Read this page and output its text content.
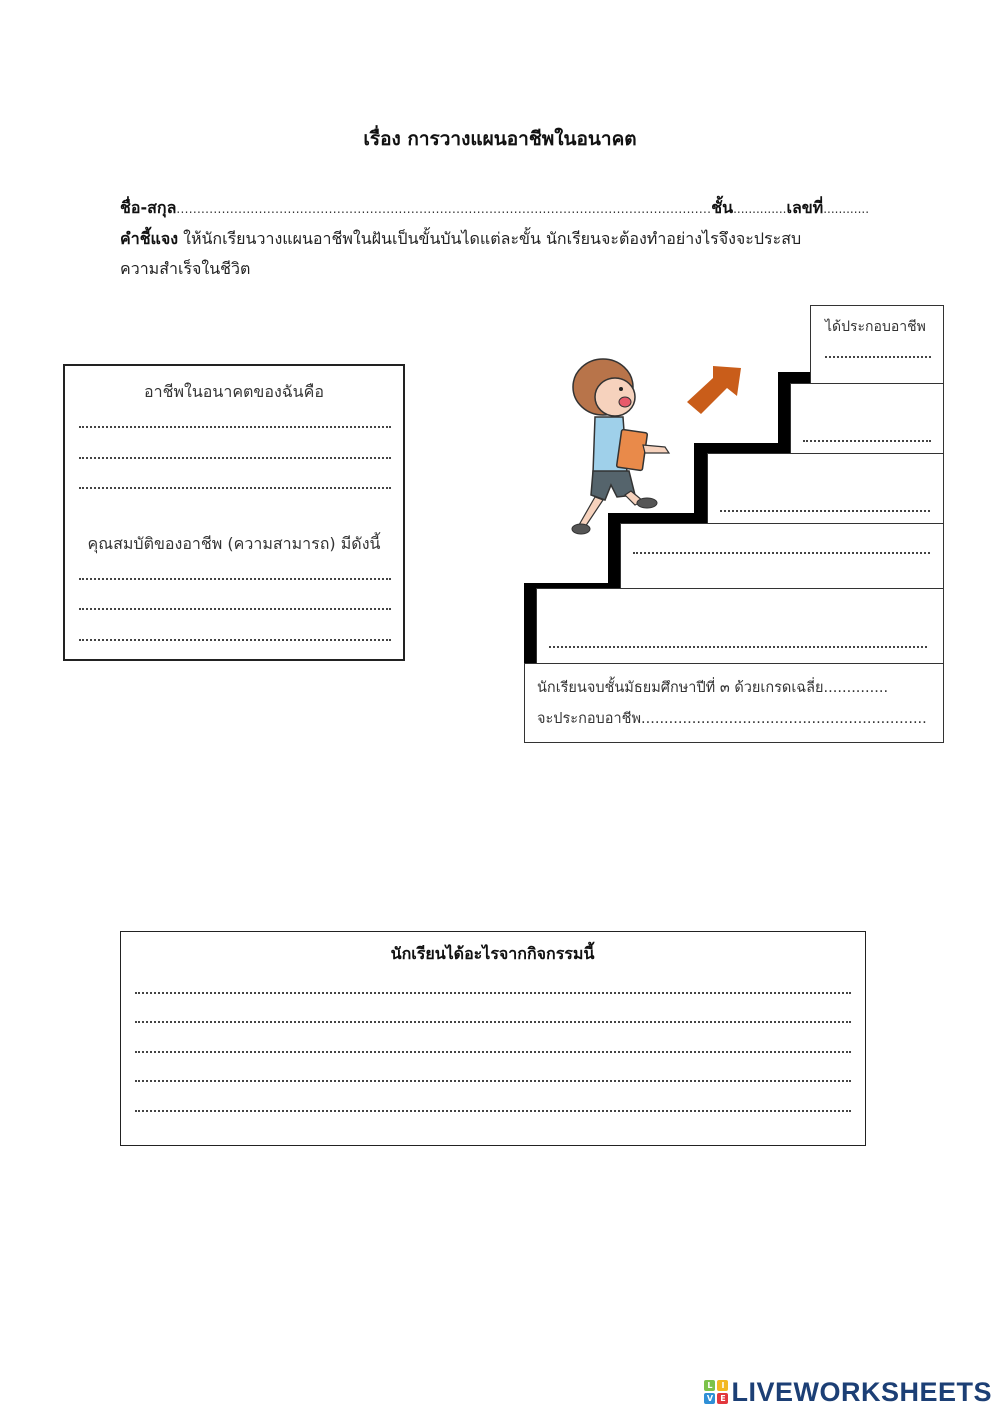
เรื่อง การวางแผนอาชีพในอนาคต
ชื่อ-สกุล..................................................................................................................................ชั้น..............เลขที่............
คำชี้แจง ให้นักเรียนวางแผนอาชีพในฝันเป็นขั้นบันไดแต่ละขั้น นักเรียนจะต้องทำอย่างไรจึงจะประสบ
ความสำเร็จในชีวิต
อาชีพในอนาคตของฉันคือ
คุณสมบัติของอาชีพ (ความสามารถ) มีดังนี้
ได้ประกอบอาชีพ
นักเรียนจบชั้นมัธยมศึกษาปีที่ ๓ ด้วยเกรดเฉลี่ย..............
จะประกอบอาชีพ..............................................................
นักเรียนได้อะไรจากกิจกรรมนี้
L	I
V E LIVEWORKSHEETS
